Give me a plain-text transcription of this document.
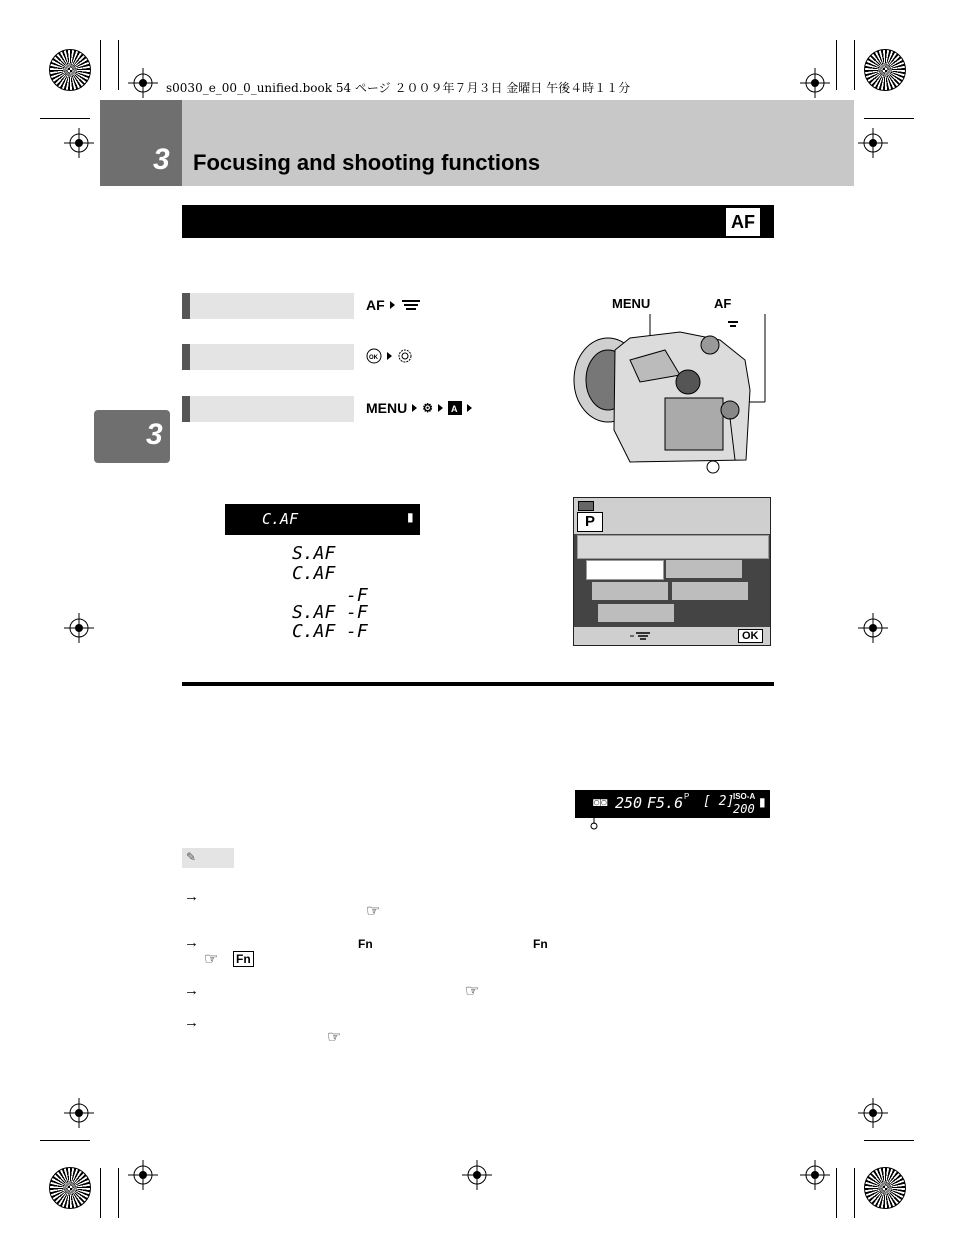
s0030_e_00_0_unified.book 54 ページ ２００９年７月３日 金曜日 午後４時１１分
3 Focusing and shooting functions
AF
3
AF
OK
MENU ⚙ A
MENU	AF
C.AF	▮
S.AF
C.AF
-F
S.AF -F
C.AF -F
P
OK
◙◙ 250 F5.6 P [ 2]
ISO-A
200 ▮
✎
→
☞
→	Fn	Fn
☞ Fn
→	☞
→
☞
